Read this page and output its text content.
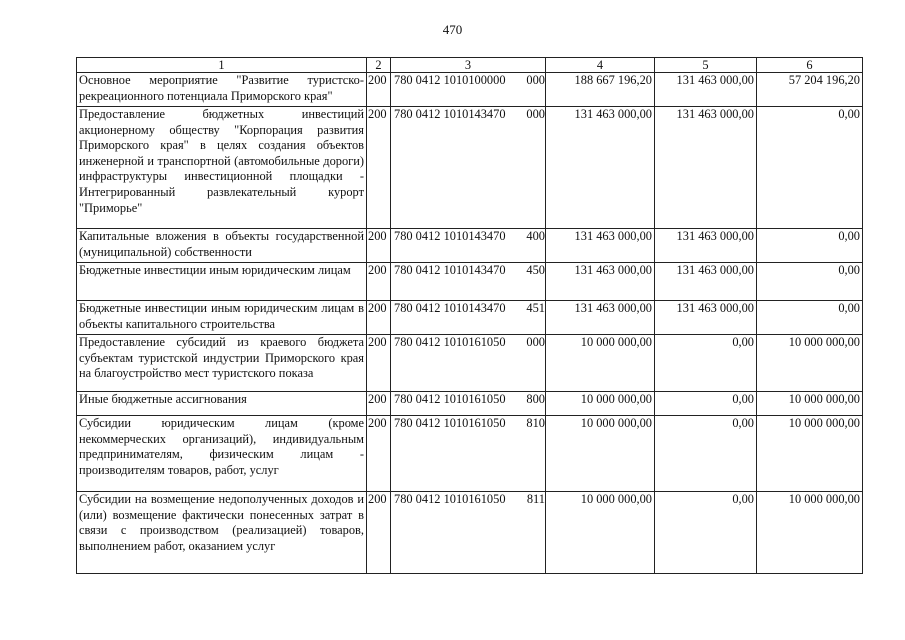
470
1	2	3	4	5	6
Основное мероприятие "Развитие туристско-рекреационного потенциала Приморского края"	200	780 0412 1010100000 000	188 667 196,20	131 463 000,00	57 204 196,20
Предоставление бюджетных инвестиций акционерному обществу "Корпорация развития Приморского края" в целях создания объектов инженерной и транспортной (автомобильные дороги) инфраструктуры инвестиционной площадки - Интегрированный развлекательный курорт "Приморье"	200	780 0412 1010143470 000	131 463 000,00	131 463 000,00	0,00
Капитальные вложения в объекты государственной (муниципальной) собственности	200	780 0412 1010143470 400	131 463 000,00	131 463 000,00	0,00
Бюджетные инвестиции иным юридическим лицам	200	780 0412 1010143470 450	131 463 000,00	131 463 000,00	0,00
Бюджетные инвестиции иным юридическим лицам в объекты капитального строительства	200	780 0412 1010143470 451	131 463 000,00	131 463 000,00	0,00
Предоставление субсидий из краевого бюджета субъектам туристской индустрии Приморского края на благоустройство мест туристского показа	200	780 0412 1010161050 000	10 000 000,00	0,00	10 000 000,00
Иные бюджетные ассигнования	200	780 0412 1010161050 800	10 000 000,00	0,00	10 000 000,00
Субсидии юридическим лицам (кроме некоммерческих организаций), индивидуальным предпринимателям, физическим лицам - производителям товаров, работ, услуг	200	780 0412 1010161050 810	10 000 000,00	0,00	10 000 000,00
Субсидии на возмещение недополученных доходов и (или) возмещение фактически понесенных затрат в связи с производством (реализацией) товаров, выполнением работ, оказанием услуг	200	780 0412 1010161050 811	10 000 000,00	0,00	10 000 000,00
